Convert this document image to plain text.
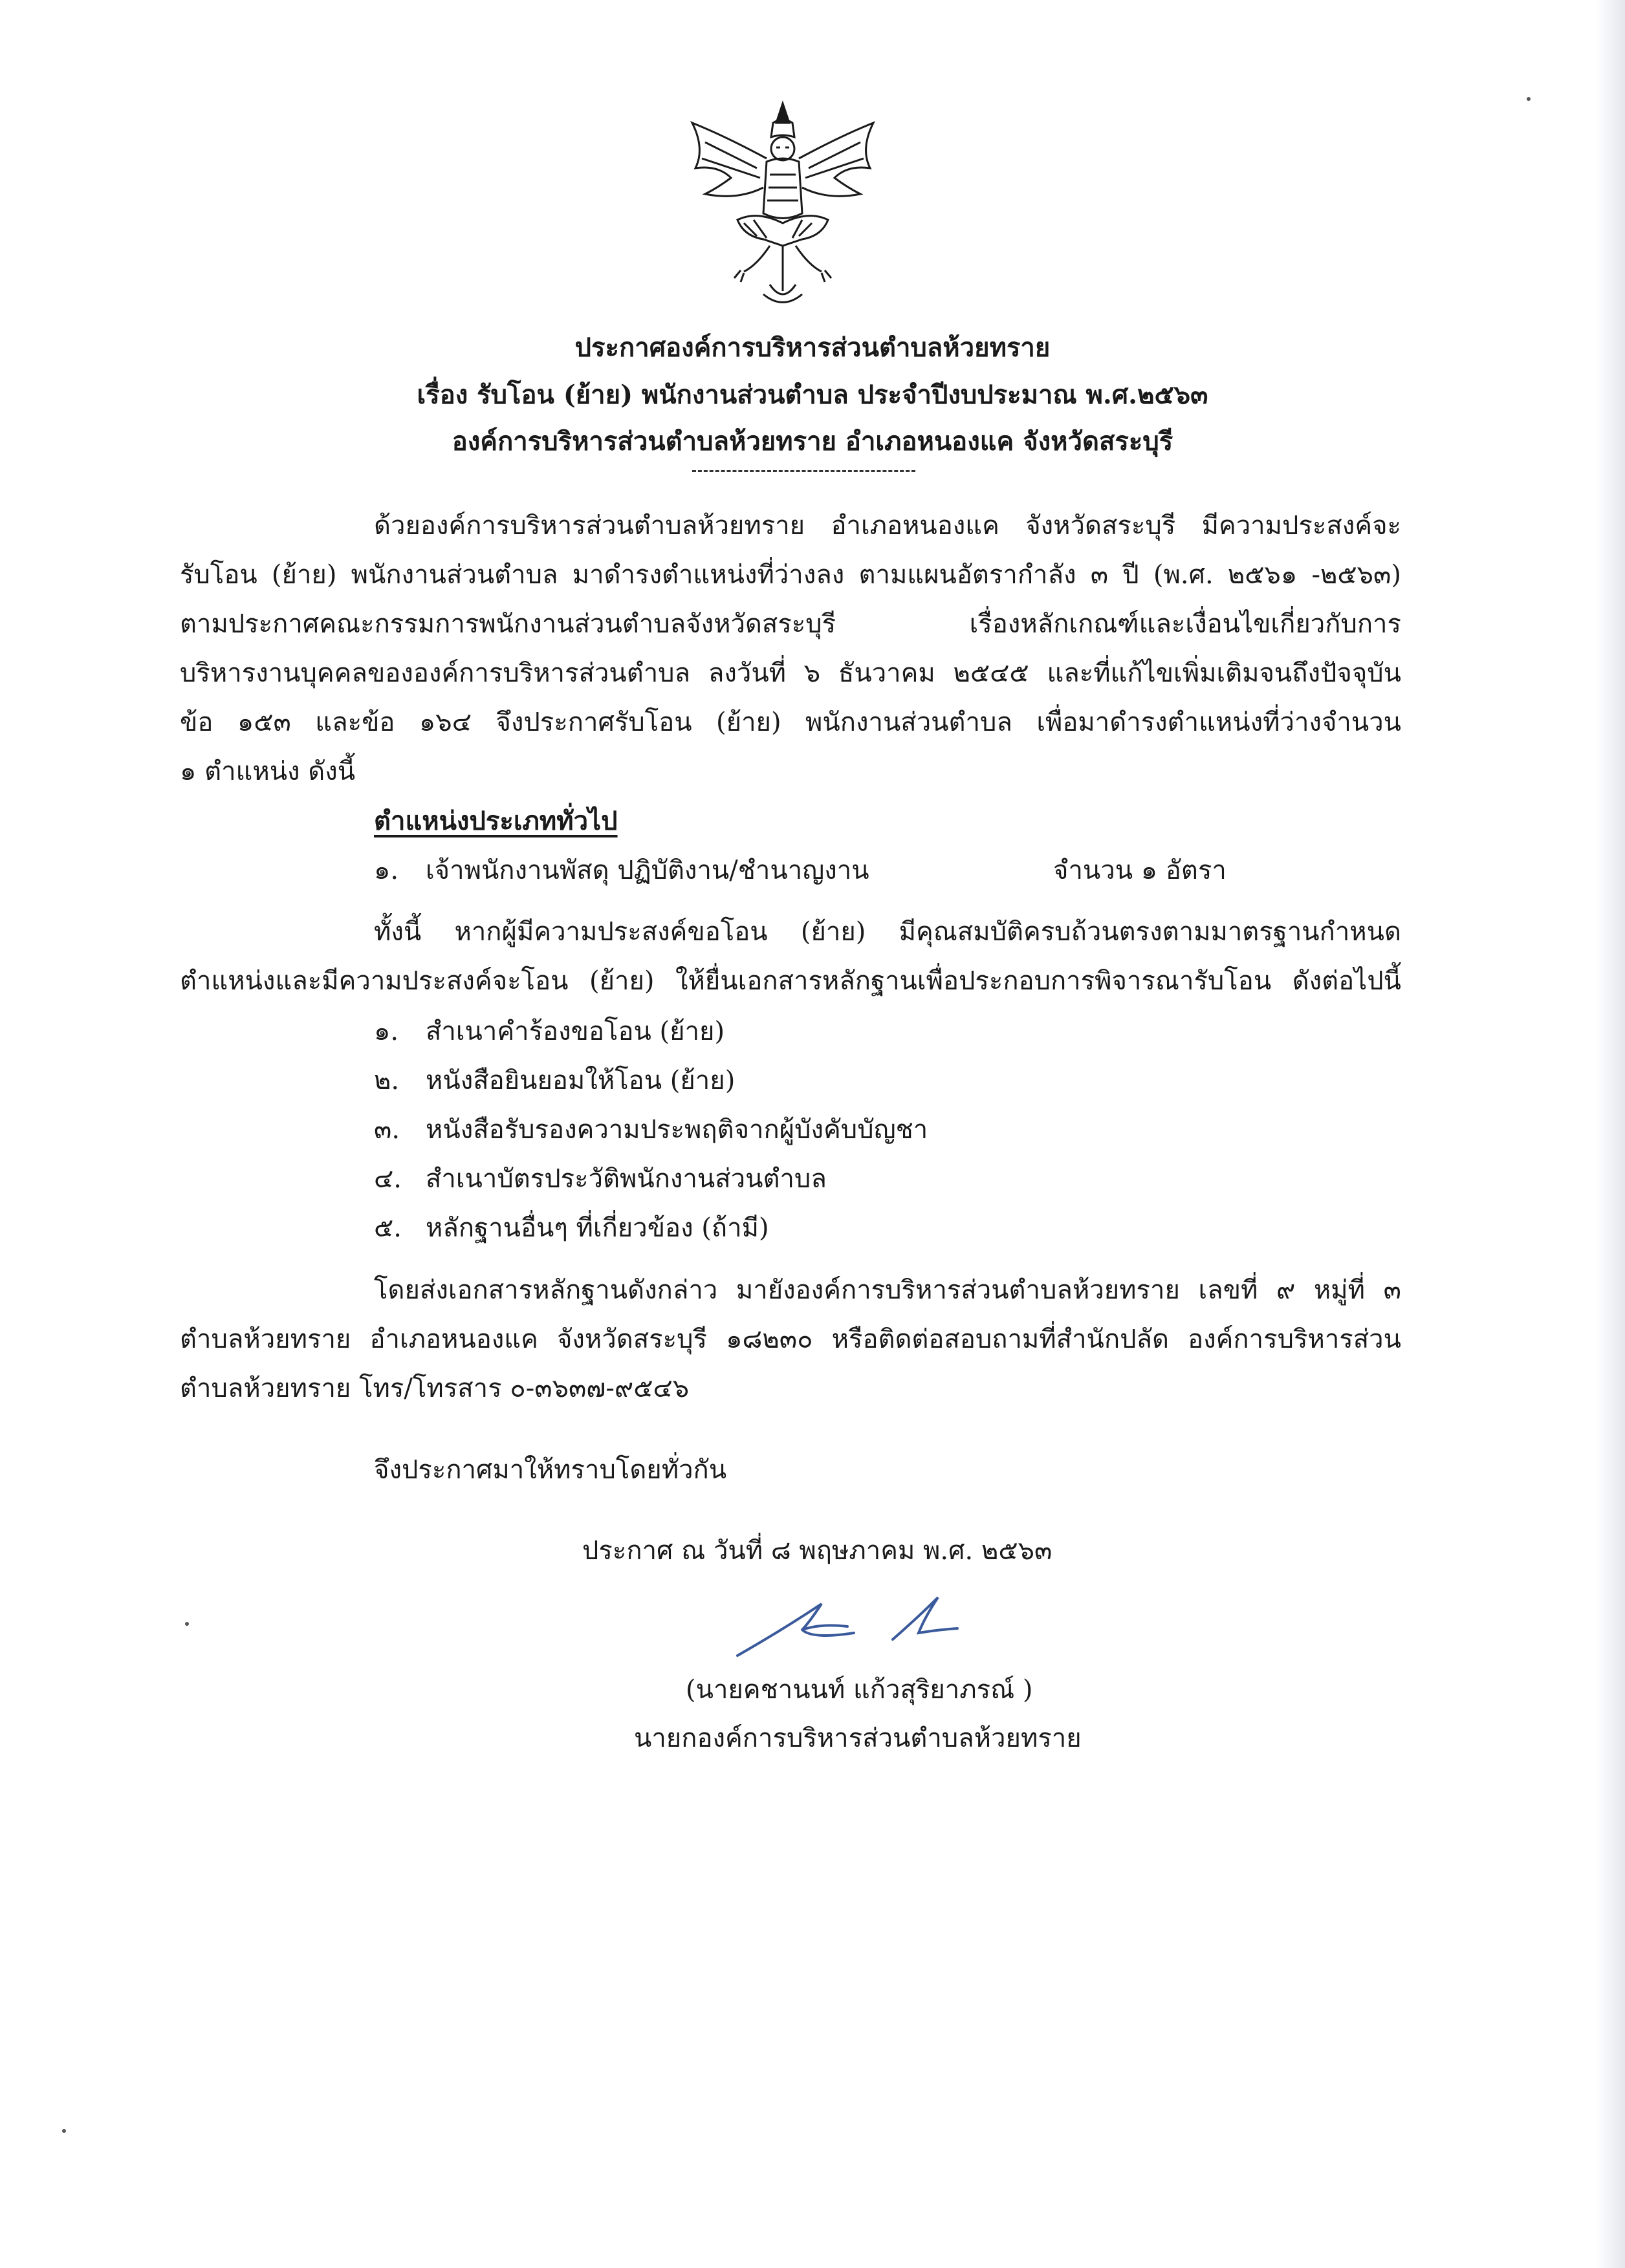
ประกาศองค์การบริหารส่วนตำบลห้วยทราย
เรื่อง รับโอน (ย้าย) พนักงานส่วนตำบล ประจำปีงบประมาณ พ.ศ.๒๕๖๓
องค์การบริหารส่วนตำบลห้วยทราย อำเภอหนองแค จังหวัดสระบุรี
ด้วยองค์การบริหารส่วนตำบลห้วยทราย อำเภอหนองแค จังหวัดสระบุรี มีความประสงค์จะ
รับโอน (ย้าย) พนักงานส่วนตำบล มาดำรงตำแหน่งที่ว่างลง ตามแผนอัตรากำลัง ๓ ปี (พ.ศ. ๒๕๖๑ -๒๕๖๓)
ตามประกาศคณะกรรมการพนักงานส่วนตำบลจังหวัดสระบุรี เรื่องหลักเกณฑ์และเงื่อนไขเกี่ยวกับการ
บริหารงานบุคคลขององค์การบริหารส่วนตำบล ลงวันที่ ๖ ธันวาคม ๒๕๔๕ และที่แก้ไขเพิ่มเติมจนถึงปัจจุบัน
ข้อ ๑๕๓ และข้อ ๑๖๔ จึงประกาศรับโอน (ย้าย) พนักงานส่วนตำบล เพื่อมาดำรงตำแหน่งที่ว่างจำนวน
๑ ตำแหน่ง ดังนี้
ตำแหน่งประเภททั่วไป
๑. เจ้าพนักงานพัสดุ ปฏิบัติงาน/ชำนาญงาน	จำนวน ๑ อัตรา
ทั้งนี้ หากผู้มีความประสงค์ขอโอน (ย้าย) มีคุณสมบัติครบถ้วนตรงตามมาตรฐานกำหนด
ตำแหน่งและมีความประสงค์จะโอน (ย้าย) ให้ยื่นเอกสารหลักฐานเพื่อประกอบการพิจารณารับโอน ดังต่อไปนี้
๑. สำเนาคำร้องขอโอน (ย้าย)
๒. หนังสือยินยอมให้โอน (ย้าย)
๓. หนังสือรับรองความประพฤติจากผู้บังคับบัญชา
๔. สำเนาบัตรประวัติพนักงานส่วนตำบล
๕. หลักฐานอื่นๆ ที่เกี่ยวข้อง (ถ้ามี)
โดยส่งเอกสารหลักฐานดังกล่าว มายังองค์การบริหารส่วนตำบลห้วยทราย เลขที่ ๙ หมู่ที่ ๓
ตำบลห้วยทราย อำเภอหนองแค จังหวัดสระบุรี ๑๘๒๓๐ หรือติดต่อสอบถามที่สำนักปลัด องค์การบริหารส่วน
ตำบลห้วยทราย โทร/โทรสาร ๐-๓๖๓๗-๙๕๔๖
จึงประกาศมาให้ทราบโดยทั่วกัน
ประกาศ ณ วันที่ ๘ พฤษภาคม พ.ศ. ๒๕๖๓
(นายคชานนท์ แก้วสุริยาภรณ์ )
นายกองค์การบริหารส่วนตำบลห้วยทราย
